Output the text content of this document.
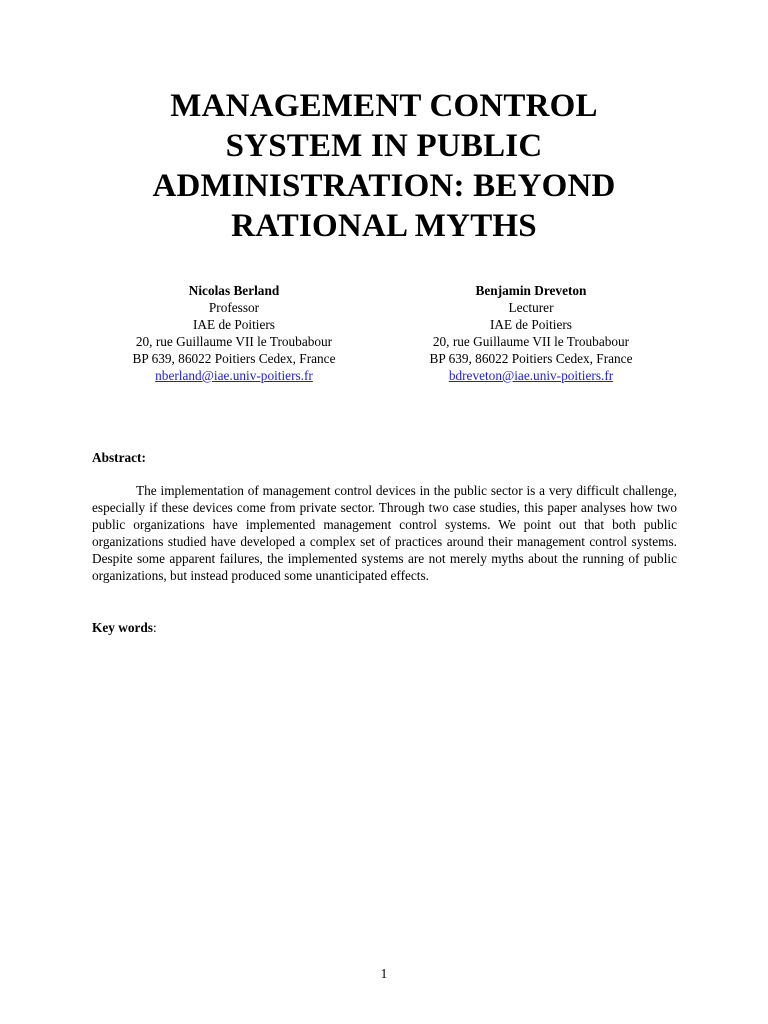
MANAGEMENT CONTROL
SYSTEM IN PUBLIC
ADMINISTRATION: BEYOND
RATIONAL MYTHS
Nicolas Berland
Professor
IAE de Poitiers
20, rue Guillaume VII le Troubabour
BP 639, 86022 Poitiers Cedex, France
nberland@iae.univ-poitiers.fr
Benjamin Dreveton
Lecturer
IAE de Poitiers
20, rue Guillaume VII le Troubabour
BP 639, 86022 Poitiers Cedex, France
bdreveton@iae.univ-poitiers.fr

Abstract:

The implementation of management control devices in the public sector is a very difficult challenge, especially if these devices come from private sector. Through two case studies, this paper analyses how two public organizations have implemented management control systems. We point out that both public organizations studied have developed a complex set of practices around their management control systems. Despite some apparent failures, the implemented systems are not merely myths about the running of public organizations, but instead produced some unanticipated effects.

Key words:

1
